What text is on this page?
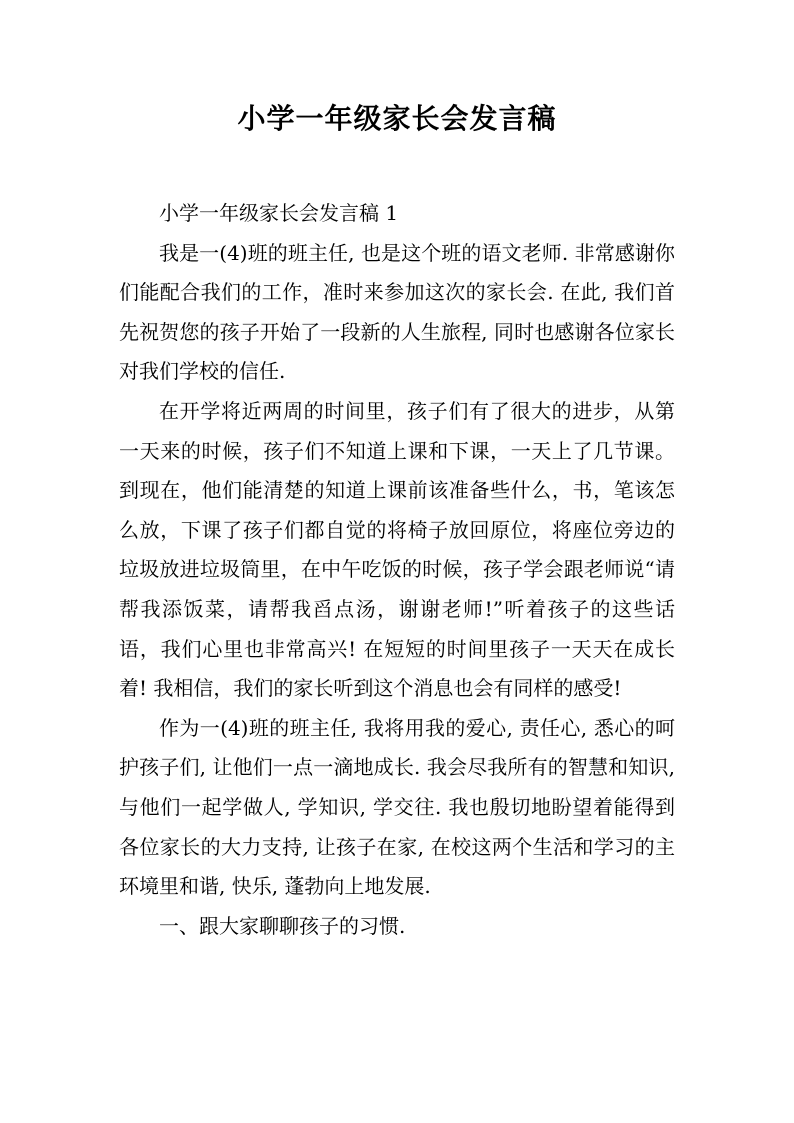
小学一年级家长会发言稿

小学一年级家长会发言稿 1

我是一(4)班的班主任, 也是这个班的语文老师. 非常感谢你们能配合我们的工作，准时来参加这次的家长会. 在此, 我们首先祝贺您的孩子开始了一段新的人生旅程, 同时也感谢各位家长对我们学校的信任.

在开学将近两周的时间里，孩子们有了很大的进步，从第一天来的时候，孩子们不知道上课和下课，一天上了几节课。到现在，他们能清楚的知道上课前该准备些什么，书，笔该怎么放，下课了孩子们都自觉的将椅子放回原位，将座位旁边的垃圾放进垃圾筒里，在中午吃饭的时候，孩子学会跟老师说“请帮我添饭菜，请帮我舀点汤，谢谢老师!”听着孩子的这些话语，我们心里也非常高兴! 在短短的时间里孩子一天天在成长着! 我相信，我们的家长听到这个消息也会有同样的感受!

作为一(4)班的班主任, 我将用我的爱心, 责任心, 悉心的呵护孩子们, 让他们一点一滴地成长. 我会尽我所有的智慧和知识, 与他们一起学做人, 学知识, 学交往. 我也殷切地盼望着能得到各位家长的大力支持, 让孩子在家, 在校这两个生活和学习的主环境里和谐, 快乐, 蓬勃向上地发展.

一、跟大家聊聊孩子的习惯.
